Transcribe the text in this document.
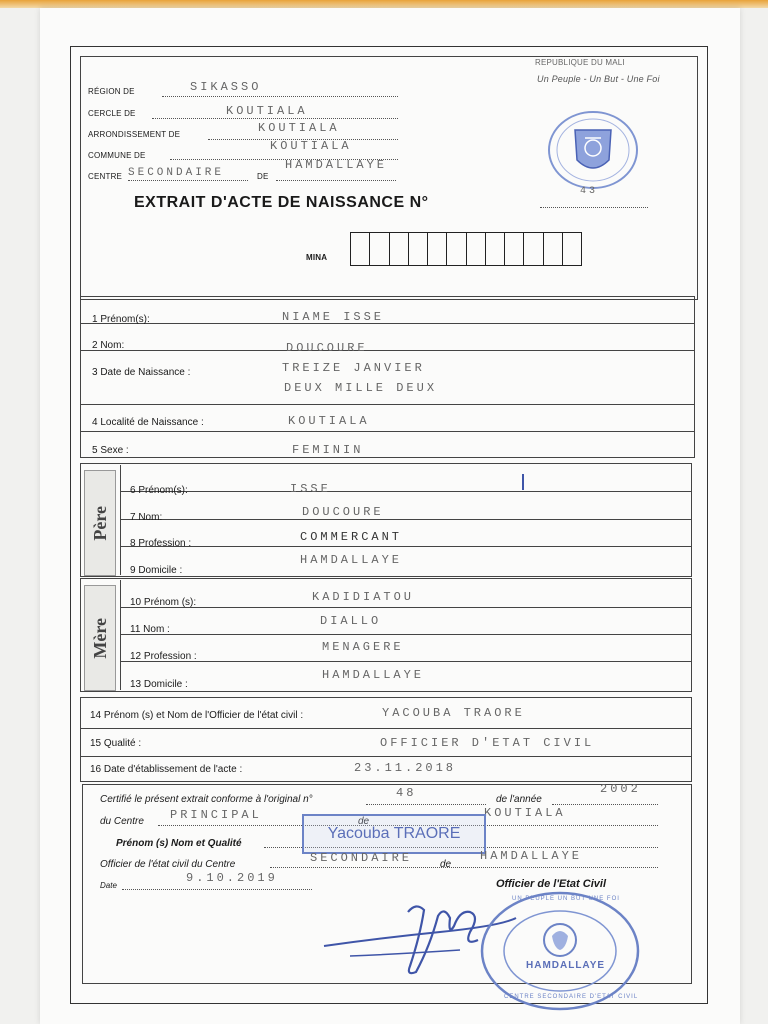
REPUBLIQUE DU MALI
Un Peuple - Un But - Une Foi
RÉGION DE	SIKASSO
CERCLE DE	KOUTIALA
ARRONDISSEMENT DE	KOUTIALA
COMMUNE DE
KOUTIALA
CENTRE SECONDAIRE	DE
HAMDALLAYE
EXTRAIT D'ACTE DE NAISSANCE N°
43
MINA
1 Prénom(s):	NIAME ISSE
2 Nom:	DOUCOURE
3 Date de Naissance :	TREIZE JANVIER
DEUX MILLE DEUX
4 Localité de Naissance :	KOUTIALA
5 Sexe :	FEMININ
Père
6 Prénom(s):	ISSE
7 Nom:	DOUCOURE
8 Profession :	COMMERCANT
9 Domicile :
HAMDALLAYE
Mère
10 Prénom (s):	KADIDIATOU
11 Nom :
DIALLO
12 Profession :
MENAGERE
13 Domicile :
HAMDALLAYE
14 Prénom (s) et Nom de l'Officier de l'état civil :	YACOUBA TRAORE
15 Qualité :	OFFICIER D'ETAT CIVIL
16 Date d'établissement de l'acte :	23.11.2018
Certifié le présent extrait conforme à l'original n°	48	de l'année
2002
du Centre PRINCIPAL	de
KOUTIALA
Prénom (s) Nom et Qualité
Yacouba TRAORE
Officier de l'état civil du Centre	SECONDAIRE	de
HAMDALLAYE
Date
9.10.2019	Officier de l'Etat Civil
HAMDALLAYE
UN PEUPLE UN BUT UNE FOI
CENTRE SECONDAIRE D'ETAT CIVIL
